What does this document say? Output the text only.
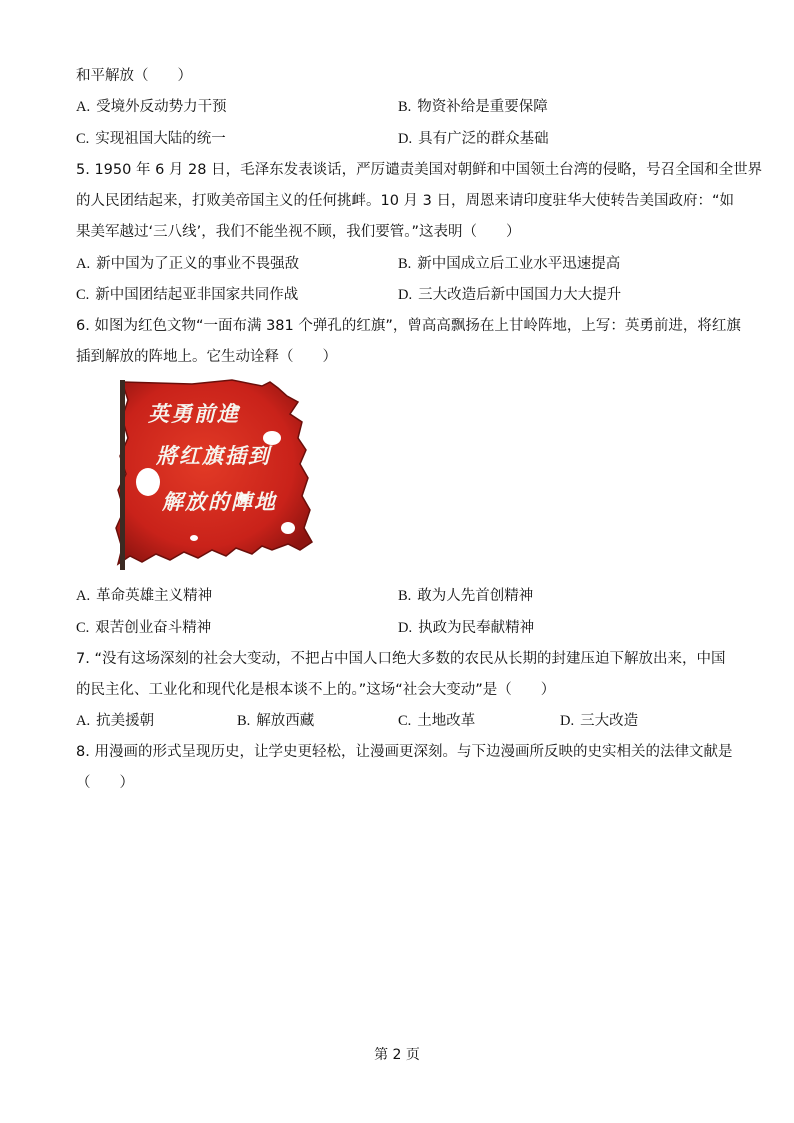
和平解放（　　）
A. 受境外反动势力干预	B. 物资补给是重要保障
C. 实现祖国大陆的统一	D. 具有广泛的群众基础
5. 1950 年 6 月 28 日，毛泽东发表谈话，严厉谴责美国对朝鲜和中国领土台湾的侵略，号召全国和全世界
的人民团结起来，打败美帝国主义的任何挑衅。10 月 3 日，周恩来请印度驻华大使转告美国政府：“如
果美军越过‘三八线’，我们不能坐视不顾，我们要管。”这表明（　　）
A. 新中国为了正义的事业不畏强敌	B. 新中国成立后工业水平迅速提高
C. 新中国团结起亚非国家共同作战	D. 三大改造后新中国国力大大提升
6. 如图为红色文物“一面布满 381 个弹孔的红旗”，曾高高飘扬在上甘岭阵地，上写：英勇前进，将红旗
插到解放的阵地上。它生动诠释（　　）
英勇前進
將红旗插到
解放的陣地
A. 革命英雄主义精神	B. 敢为人先首创精神
C. 艰苦创业奋斗精神	D. 执政为民奉献精神
7. “没有这场深刻的社会大变动，不把占中国人口绝大多数的农民从长期的封建压迫下解放出来，中国
的民主化、工业化和现代化是根本谈不上的。”这场“社会大变动”是（　　）
A. 抗美援朝	B. 解放西藏	C. 土地改革	D. 三大改造
8. 用漫画的形式呈现历史，让学史更轻松，让漫画更深刻。与下边漫画所反映的史实相关的法律文献是
（　　）
第 2 页
